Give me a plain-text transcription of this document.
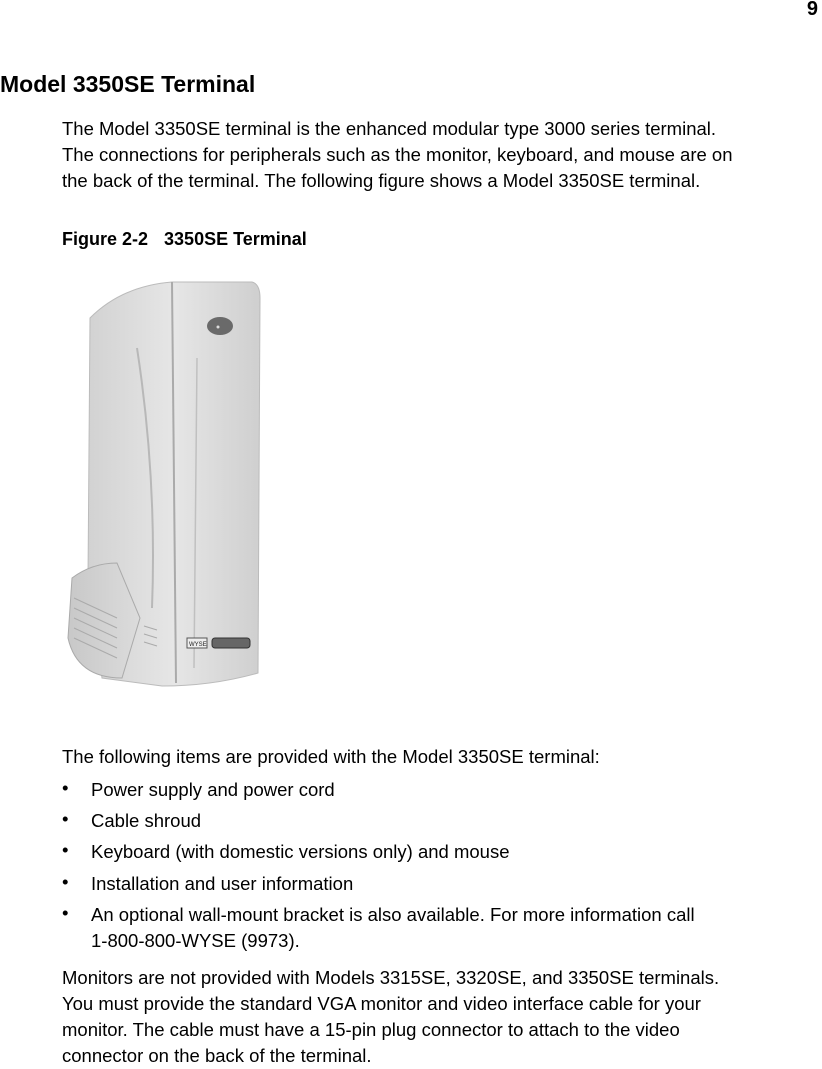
9
Model 3350SE Terminal
The Model 3350SE terminal is the enhanced modular type 3000 series terminal.
The connections for peripherals such as the monitor, keyboard, and mouse are on
the back of the terminal. The following figure shows a Model 3350SE terminal.
Figure 2-2 3350SE Terminal
WYSE
The following items are provided with the Model 3350SE terminal:
• Power supply and power cord
• Cable shroud
• Keyboard (with domestic versions only) and mouse
• Installation and user information
• An optional wall-mount bracket is also available. For more information call
1-800-800-WYSE (9973).
Monitors are not provided with Models 3315SE, 3320SE, and 3350SE terminals.
You must provide the standard VGA monitor and video interface cable for your
monitor. The cable must have a 15-pin plug connector to attach to the video
connector on the back of the terminal.
